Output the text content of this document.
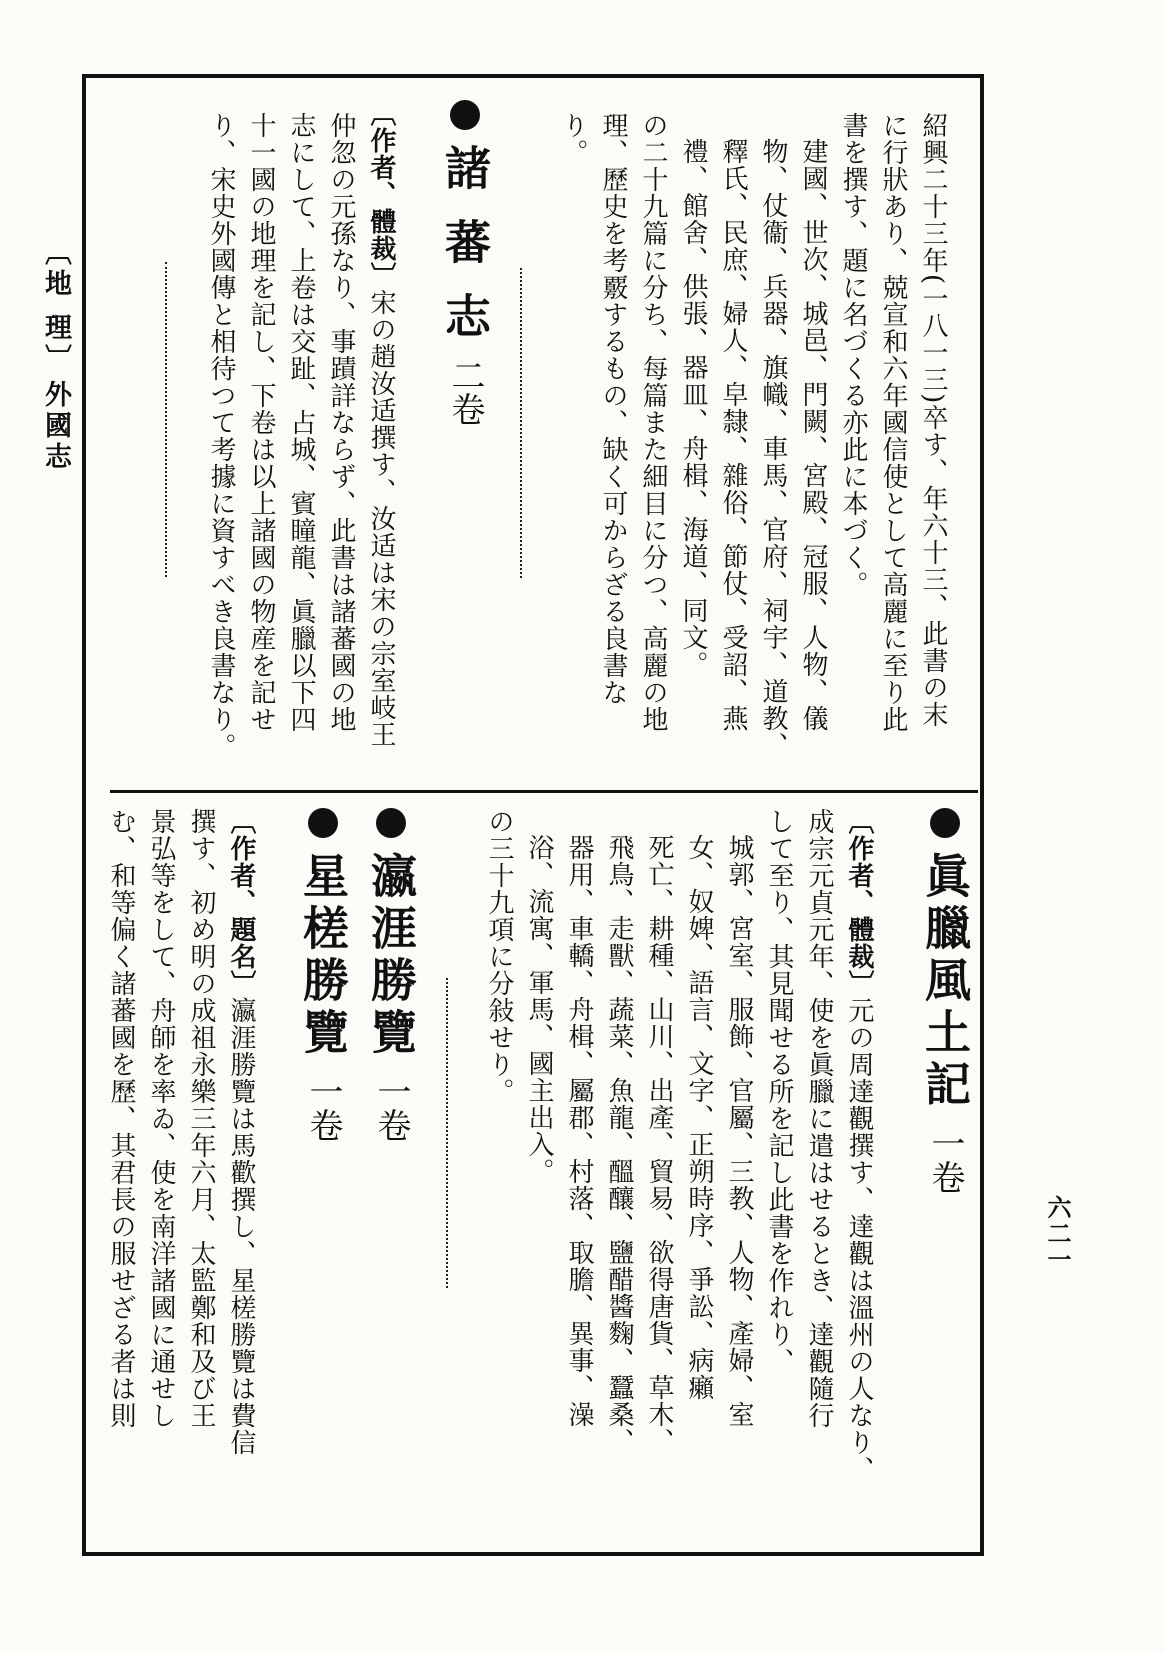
〔地 理〕
外國志
六二一
紹興二十三年(一八一三)卒す、年六十三、此書の末
に行狀あり、兢宣和六年國信使として高麗に至り此
書を撰す、題に名づくる亦此に本づく。
建國、世次、城邑、門闕、宮殿、冠服、人物、儀
物、仗衞、兵器、旗幟、車馬、官府、祠宇、道教、
釋氏、民庶、婦人、皁隸、雜俗、節仗、受詔、燕
禮、館舍、供張、器皿、舟楫、海道、同文。
の二十九篇に分ち、每篇また細目に分つ、高麗の地
理、歷史を考覈するもの、缺く可からざる良書な
り。
諸 蕃 志二卷
〔作者、體裁〕宋の趙汝适撰す、汝适は宋の宗室岐王
仲忽の元孫なり、事蹟詳ならず、此書は諸蕃國の地
志にして、上卷は交趾、占城、賓瞳龍、眞臘以下四
十一國の地理を記し、下卷は以上諸國の物産を記せ
り、宋史外國傳と相待つて考據に資すべき良書なり。
眞臘風土記一卷
〔作者、體裁〕元の周達觀撰す、達觀は溫州の人なり、
成宗元貞元年、使を眞臘に遣はせるとき、達觀隨行
して至り、其見聞せる所を記し此書を作れり、
城郭、宮室、服飾、官屬、三教、人物、產婦、室
女、奴婢、語言、文字、正朔時序、爭訟、病癩
死亡、耕種、山川、出產、貿易、欲得唐貨、草木、
飛鳥、走獸、蔬菜、魚龍、醞釀、鹽醋醬麴、蠶桑、
器用、車轎、舟楫、屬郡、村落、取膽、異事、澡
浴、流寓、軍馬、國主出入。
の三十九項に分敍せり。
瀛涯勝覽一卷
星槎勝覽一卷
〔作者、題名〕瀛涯勝覽は馬歡撰し、星槎勝覽は費信
撰す、初め明の成祖永樂三年六月、太監鄭和及び王
景弘等をして、舟師を率ゐ、使を南洋諸國に通せし
む、和等偏く諸蕃國を歷、其君長の服せざる者は則
